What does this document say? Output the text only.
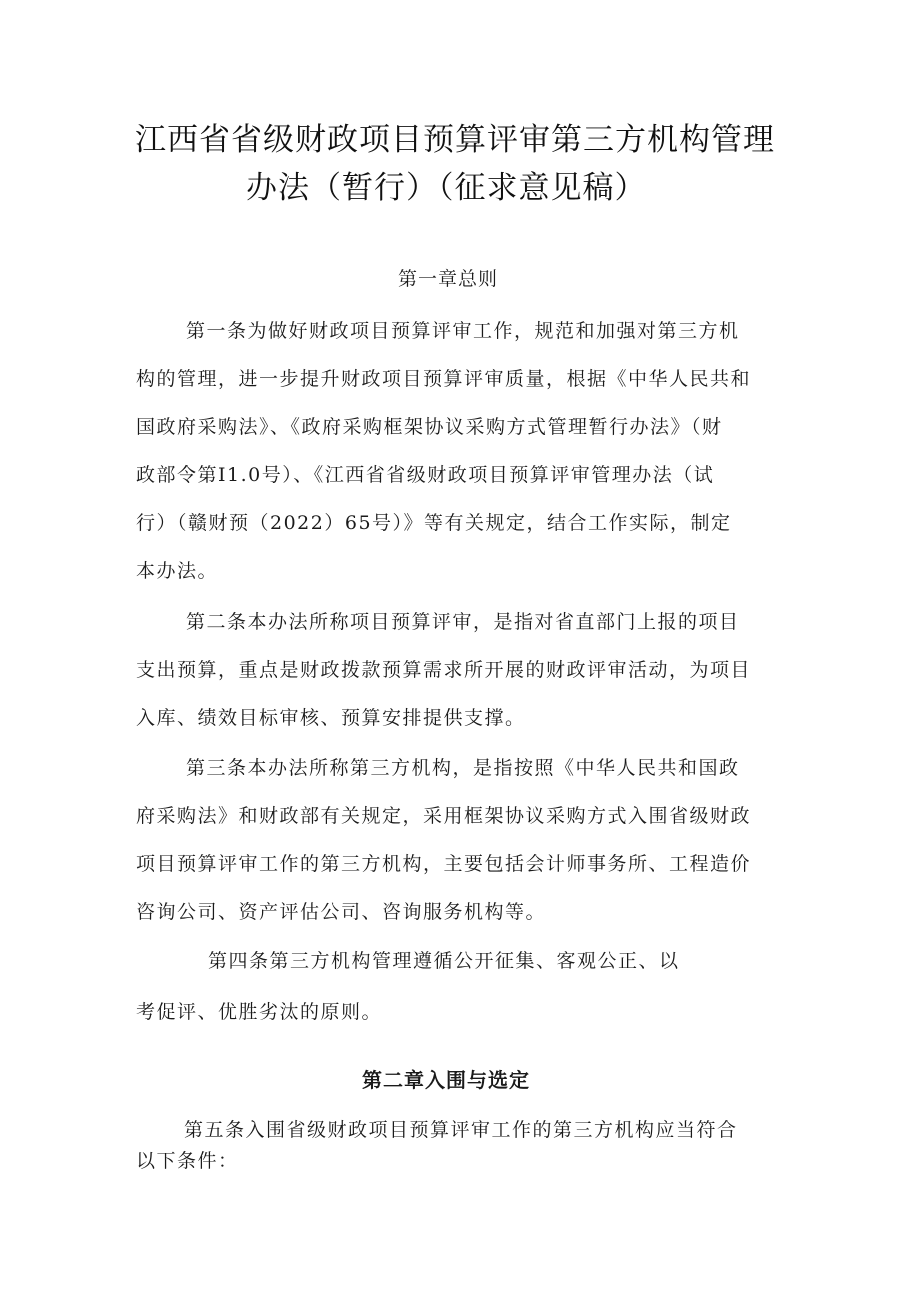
江西省省级财政项目预算评审第三方机构管理
办法（暂行）（征求意见稿）
第一章总则
第一条为做好财政项目预算评审工作，规范和加强对第三方机
构的管理，进一步提升财政项目预算评审质量，根据《中华人民共和
国政府采购法》、《政府采购框架协议采购方式管理暂行办法》（财
政部令第I1.0号）、《江西省省级财政项目预算评审管理办法（试
行）（赣财预（2022）65号）》等有关规定，结合工作实际，制定
本办法。
第二条本办法所称项目预算评审，是指对省直部门上报的项目
支出预算，重点是财政拨款预算需求所开展的财政评审活动，为项目
入库、绩效目标审核、预算安排提供支撑。
第三条本办法所称第三方机构，是指按照《中华人民共和国政
府采购法》和财政部有关规定，采用框架协议采购方式入围省级财政
项目预算评审工作的第三方机构，主要包括会计师事务所、工程造价
咨询公司、资产评估公司、咨询服务机构等。
第四条第三方机构管理遵循公开征集、客观公正、以
考促评、优胜劣汰的原则。
第二章入围与选定
第五条入围省级财政项目预算评审工作的第三方机构应当符合
以下条件：
